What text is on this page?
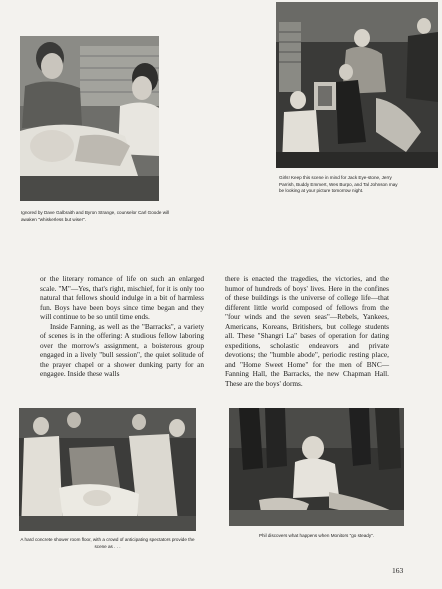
Ignored by Dave Galbraith and Byron Strange, counselor Carl Goode will awaken "whiskerless but wiser".
Girls! Keep this scene in mind for Jack Eye-stone, Jerry Parrish, Buddy Emmert, Wes Burpo, and Tal Johnson may be looking at your picture tomorrow night.

or the literary romance of life on such an enlarged scale. "M"—Yes, that's right, mischief, for it is only too natural that fellows should indulge in a bit of harmless fun. Boys have been boys since time began and they will continue to be so until time ends.

Inside Fanning, as well as the "Barracks", a variety of scenes is in the offering: A studious fellow laboring over the morrow's assignment, a boisterous group engaged in a lively "bull session", the quiet solitude of the prayer chapel or a shower dunking party for an engagee. Inside these walls

there is enacted the tragedies, the victories, and the humor of hundreds of boys' lives. Here in the confines of these buildings is the universe of college life—that different little world composed of fellows from the "four winds and the seven seas"—Rebels, Yankees, Americans, Koreans, Britishers, but college students all. These "Shangri La" bases of operation for dating expeditions, scholastic endeavors and private devotions; the "humble abode", periodic resting place, and "Home Sweet Home" for the men of BNC—Fanning Hall, the Barracks, the new Chapman Hall. These are the boys' dorms.

A hard concrete shower room floor, with a crowd of anticipating spectators provide the scene as . . .
Phil discovers what happens when Monitors "go steady".
163
